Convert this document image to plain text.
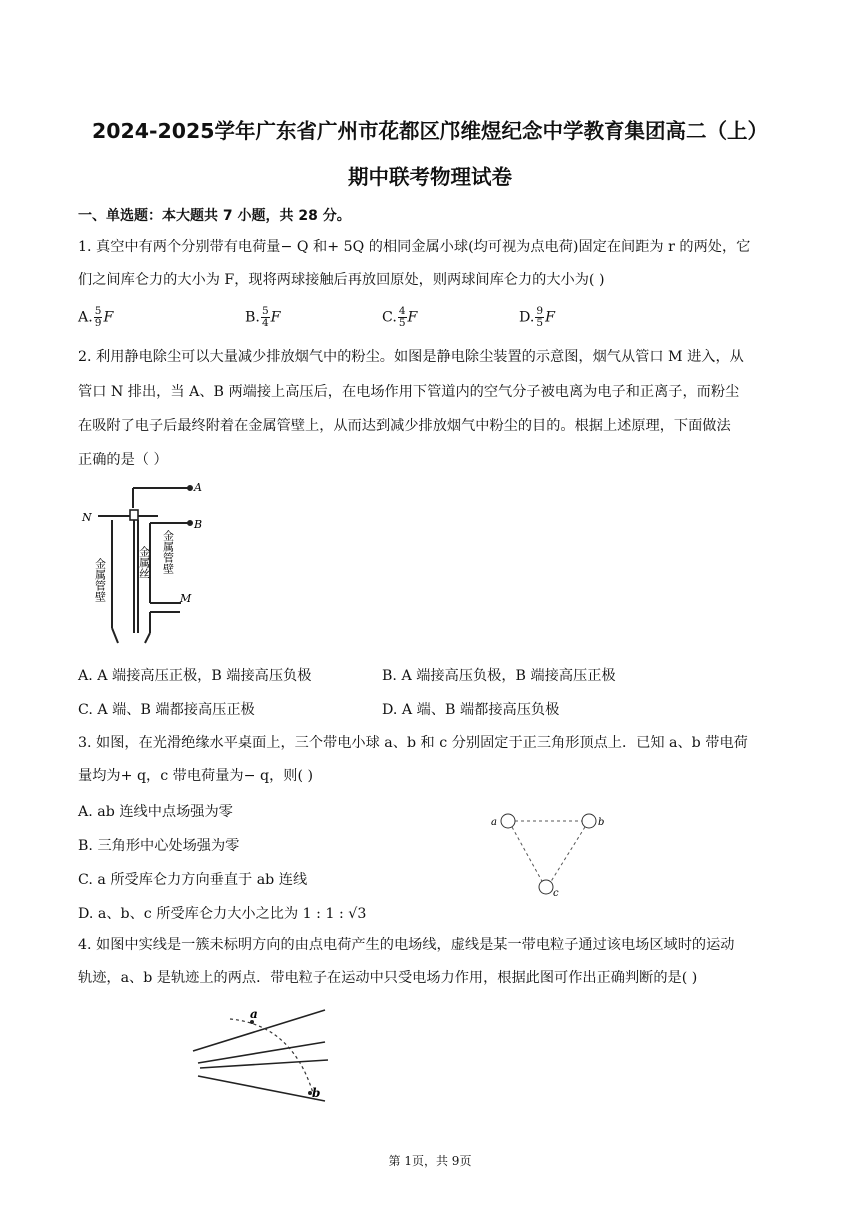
2024-2025学年广东省广州市花都区邝维煜纪念中学教育集团高二（上）
期中联考物理试卷
一、单选题：本大题共 7 小题，共 28 分。
1. 真空中有两个分别带有电荷量− Q 和+ 5Q 的相同金属小球(均可视为点电荷)固定在间距为 r 的两处，它
们之间库仑力的大小为 F，现将两球接触后再放回原处，则两球间库仑力的大小为( )
A. $\frac{5}{9}$ F	B. $\frac{5}{4}$ F	C. $\frac{4}{5}$ F	D. $\frac{9}{5}$ F
2. 利用静电除尘可以大量减少排放烟气中的粉尘。如图是静电除尘装置的示意图，烟气从管口 M 进入，从
管口 N 排出，当 A、B 两端接上高压后，在电场作用下管道内的空气分子被电离为电子和正离子，而粉尘
在吸附了电子后最终附着在金属管壁上，从而达到减少排放烟气中粉尘的目的。根据上述原理，下面做法
正确的是（ ）
A
B
N
M
金属管壁	金属丝 金属管壁
A. A 端接高压正极，B 端接高压负极	B. A 端接高压负极，B 端接高压正极
C. A 端、B 端都接高压正极	D. A 端、B 端都接高压负极
3. 如图，在光滑绝缘水平桌面上，三个带电小球 a、b 和 c 分别固定于正三角形顶点上．已知 a、b 带电荷
量均为+ q，c 带电荷量为− q，则( )
A. ab 连线中点场强为零
B. 三角形中心处场强为零
C. a 所受库仑力方向垂直于 ab 连线
D. a、b、c 所受库仑力大小之比为 1 : 1 : √3
a	b
c
4. 如图中实线是一簇未标明方向的由点电荷产生的电场线，虚线是某一带电粒子通过该电场区域时的运动
轨迹，a、b 是轨迹上的两点．带电粒子在运动中只受电场力作用，根据此图可作出正确判断的是( )
a
b
第 1页，共 9页
